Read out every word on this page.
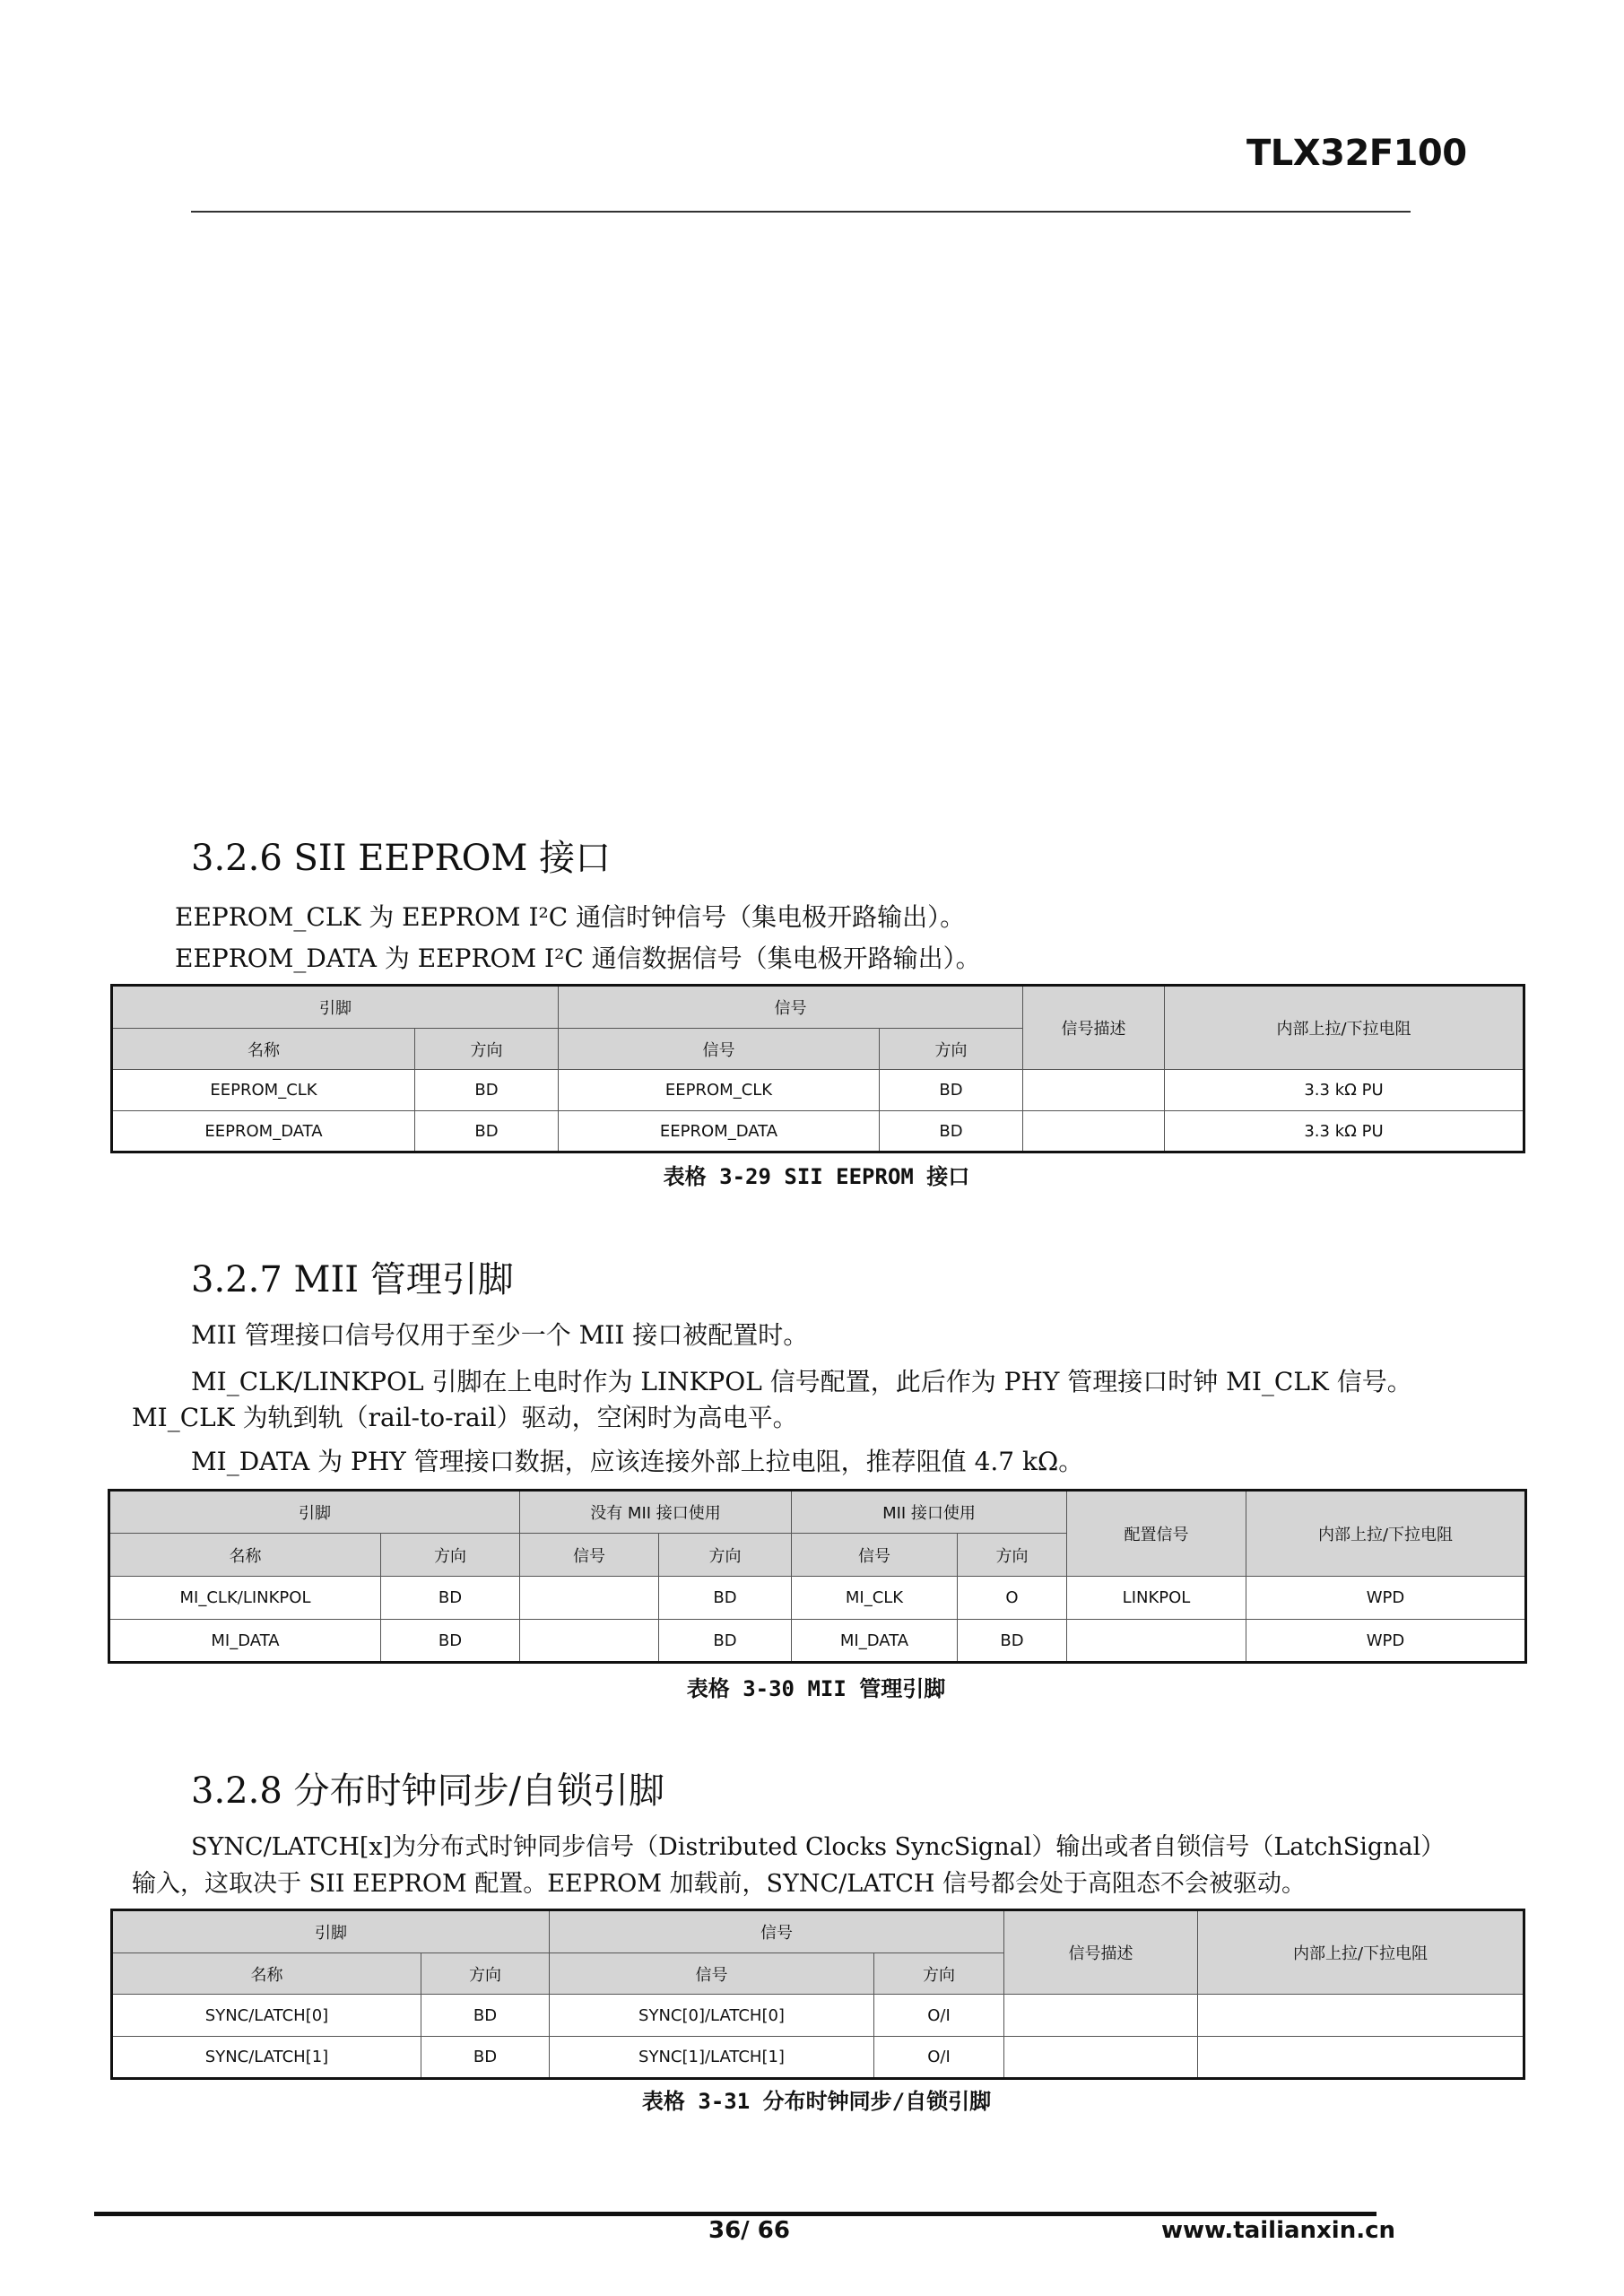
TLX32F100
3.2.6 SII EEPROM 接口
EEPROM_CLK 为 EEPROM I²C 通信时钟信号（集电极开路输出）。
EEPROM_DATA 为 EEPROM I²C 通信数据信号（集电极开路输出）。
引脚		信号		信号描述	内部上拉/下拉电阻
名称	方向	信号	方向		
EEPROM_CLK	BD	EEPROM_CLK	BD		3.3 kΩ PU
EEPROM_DATA	BD	EEPROM_DATA	BD		3.3 kΩ PU
表格 3-29 SII EEPROM 接口
3.2.7 MII 管理引脚
MII 管理接口信号仅用于至少一个 MII 接口被配置时。
MI_CLK/LINKPOL 引脚在上电时作为 LINKPOL 信号配置，此后作为 PHY 管理接口时钟 MI_CLK 信号。
MI_CLK 为轨到轨（rail-to-rail）驱动，空闲时为高电平。
MI_DATA 为 PHY 管理接口数据，应该连接外部上拉电阻，推荐阻值 4.7 kΩ。
引脚		没有 MII 接口使用		MII 接口使用		配置信号	内部上拉/下拉电阻
名称	方向	信号	方向	信号	方向		
MI_CLK/LINKPOL	BD		BD	MI_CLK	O	LINKPOL	WPD
MI_DATA	BD		BD	MI_DATA	BD		WPD
表格 3-30 MII 管理引脚
3.2.8 分布时钟同步/自锁引脚
SYNC/LATCH[x]为分布式时钟同步信号（Distributed Clocks SyncSignal）输出或者自锁信号（LatchSignal）
输入，这取决于 SII EEPROM 配置。EEPROM 加载前，SYNC/LATCH 信号都会处于高阻态不会被驱动。
引脚		信号		信号描述	内部上拉/下拉电阻
名称	方向	信号	方向		
SYNC/LATCH[0]	BD	SYNC[0]/LATCH[0]	O/I		
SYNC/LATCH[1]	BD	SYNC[1]/LATCH[1]	O/I		
表格 3-31 分布时钟同步/自锁引脚
36/ 66	www.tailianxin.cn
